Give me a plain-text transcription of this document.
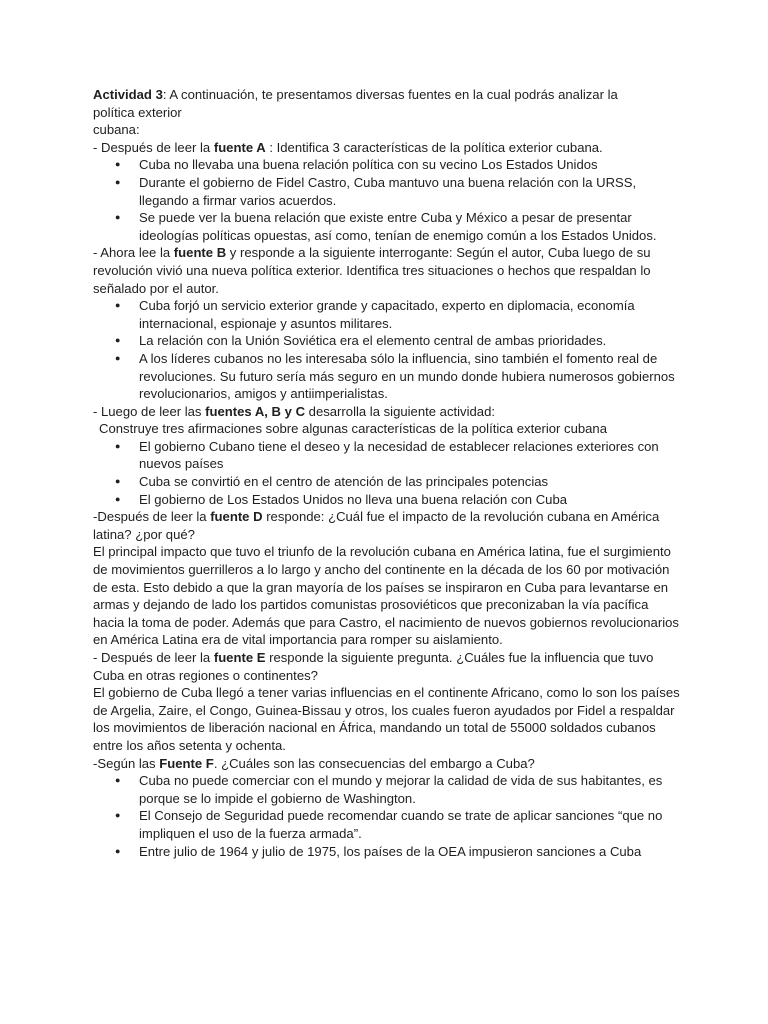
Actividad 3: A continuación, te presentamos diversas fuentes en la cual podrás analizar la

política exterior

cubana:

- Después de leer la fuente A : Identifica 3 características de la política exterior cubana.

● Cuba no llevaba una buena relación política con su vecino Los Estados Unidos
● Durante el gobierno de Fidel Castro, Cuba mantuvo una buena relación con la URSS, llegando a firmar varios acuerdos.
● Se puede ver la buena relación que existe entre Cuba y México a pesar de presentar ideologías políticas opuestas, así como, tenían de enemigo común a los Estados Unidos.

- Ahora lee la fuente B y responde a la siguiente interrogante: Según el autor, Cuba luego de su revolución vivió una nueva política exterior. Identifica tres situaciones o hechos que respaldan lo señalado por el autor.

● Cuba forjó un servicio exterior grande y capacitado, experto en diplomacia, economía internacional, espionaje y asuntos militares.
● La relación con la Unión Soviética era el elemento central de ambas prioridades.
● A los líderes cubanos no les interesaba sólo la influencia, sino también el fomento real de revoluciones. Su futuro sería más seguro en un mundo donde hubiera numerosos gobiernos revolucionarios, amigos y antiimperialistas.

- Luego de leer las fuentes A, B y C desarrolla la siguiente actividad:

Construye tres afirmaciones sobre algunas características de la política exterior cubana

● El gobierno Cubano tiene el deseo y la necesidad de establecer relaciones exteriores con nuevos países
● Cuba se convirtió en el centro de atención de las principales potencias
● El gobierno de Los Estados Unidos no lleva una buena relación con Cuba

-Después de leer la fuente D responde: ¿Cuál fue el impacto de la revolución cubana en América latina? ¿por qué?

El principal impacto que tuvo el triunfo de la revolución cubana en América latina, fue el surgimiento de movimientos guerrilleros a lo largo y ancho del continente en la década de los 60 por motivación de esta. Esto debido a que la gran mayoría de los países se inspiraron en Cuba para levantarse en armas y dejando de lado los partidos comunistas prosoviéticos que preconizaban la vía pacífica hacia la toma de poder. Además que para Castro, el nacimiento de nuevos gobiernos revolucionarios en América Latina era de vital importancia para romper su aislamiento.

- Después de leer la fuente E responde la siguiente pregunta. ¿Cuáles fue la influencia que tuvo Cuba en otras regiones o continentes?

El gobierno de Cuba llegó a tener varias influencias en el continente Africano, como lo son los países de Argelia, Zaire, el Congo, Guinea-Bissau y otros, los cuales fueron ayudados por Fidel a respaldar los movimientos de liberación nacional en África, mandando un total de 55000 soldados cubanos entre los años setenta y ochenta.

-Según las Fuente F. ¿Cuáles son las consecuencias del embargo a Cuba?

● Cuba no puede comerciar con el mundo y mejorar la calidad de vida de sus habitantes, es porque se lo impide el gobierno de Washington.
● El Consejo de Seguridad puede recomendar cuando se trate de aplicar sanciones “que no impliquen el uso de la fuerza armada”.
● Entre julio de 1964 y julio de 1975, los países de la OEA impusieron sanciones a Cuba
